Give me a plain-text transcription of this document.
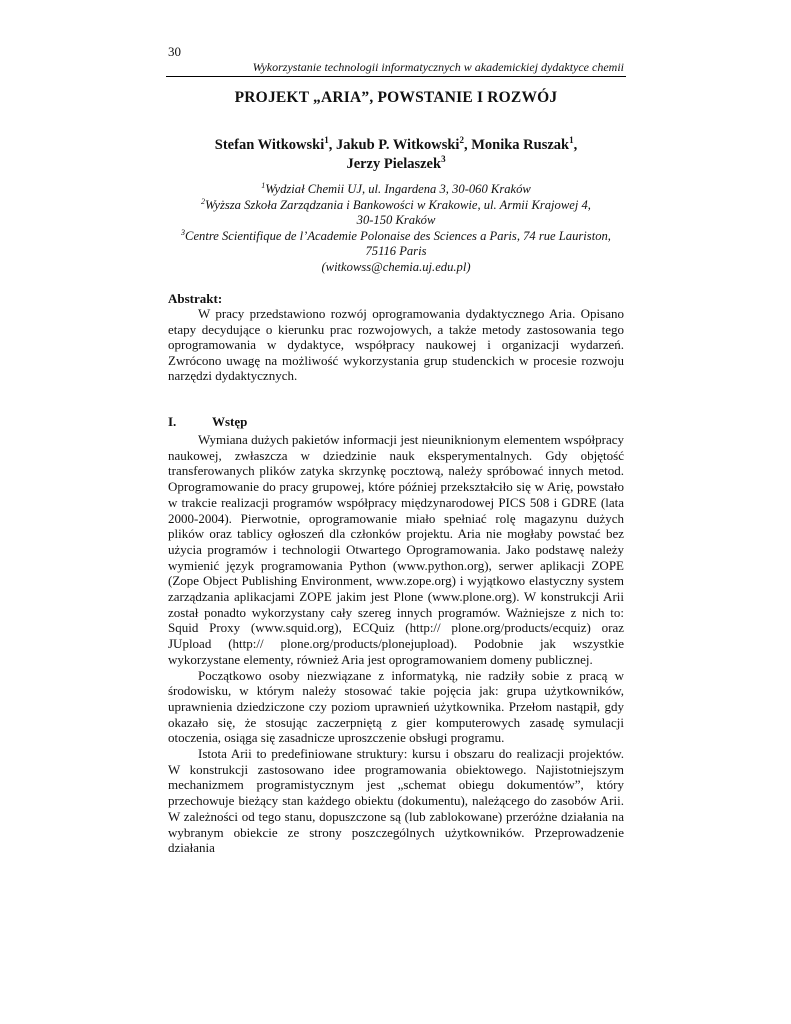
30
Wykorzystanie technologii informatycznych w akademickiej dydaktyce chemii
PROJEKT „ARIA”, POWSTANIE I ROZWÓJ
Stefan Witkowski$^1$, Jakub P. Witkowski$^2$, Monika Ruszak$^1$,
Jerzy Pielaszek$^3$
$^1$Wydział Chemii UJ, ul. Ingardena 3, 30-060 Kraków
$^2$Wyższa Szkoła Zarządzania i Bankowości w Krakowie, ul. Armii Krajowej 4,
30-150 Kraków
$^3$Centre Scientifique de l’Academie Polonaise des Sciences a Paris, 74 rue Lauriston,
75116 Paris
(witkowss@chemia.uj.edu.pl)
Abstrakt:
W pracy przedstawiono rozwój oprogramowania dydaktycznego Aria. Opisano etapy decydujące o kierunku prac rozwojowych, a także metody zastosowania tego oprogramowania w dydaktyce, współpracy naukowej i organizacji wydarzeń. Zwrócono uwagę na możliwość wykorzystania grup studenckich w procesie rozwoju narzędzi dydaktycznych.
I.	Wstęp

Wymiana dużych pakietów informacji jest nieuniknionym elementem współpracy naukowej, zwłaszcza w dziedzinie nauk eksperymentalnych. Gdy objętość transferowanych plików zatyka skrzynkę pocztową, należy spróbować innych metod. Oprogramowanie do pracy grupowej, które później przekształciło się w Arię, powstało w trakcie realizacji programów współpracy międzynarodowej PICS 508 i GDRE (lata 2000-2004). Pierwotnie, oprogramowanie miało spełniać rolę magazynu dużych plików oraz tablicy ogłoszeń dla członków projektu. Aria nie mogłaby powstać bez użycia programów i technologii Otwartego Oprogramowania. Jako podstawę należy wymienić język programowania Python (www.python.org), serwer aplikacji ZOPE (Zope Object Publishing Environment, www.zope.org) i wyjątkowo elastyczny system zarządzania aplikacjami ZOPE jakim jest Plone (www.plone.org). W konstrukcji Arii został ponadto wykorzystany cały szereg innych programów. Ważniejsze z nich to: Squid Proxy (www.squid.org), ECQuiz (http:// plone.org/products/ecquiz) oraz JUpload (http:// plone.org/products/plonejupload). Podobnie jak wszystkie wykorzystane elementy, również Aria jest oprogramowaniem domeny publicznej.

Początkowo osoby niezwiązane z informatyką, nie radziły sobie z pracą w środowisku, w którym należy stosować takie pojęcia jak: grupa użytkowników, uprawnienia dziedziczone czy poziom uprawnień użytkownika. Przełom nastąpił, gdy okazało się, że stosując zaczerpniętą z gier komputerowych zasadę symulacji otoczenia, osiąga się zasadnicze uproszczenie obsługi programu.

Istota Arii to predefiniowane struktury: kursu i obszaru do realizacji projektów. W konstrukcji zastosowano idee programowania obiektowego. Najistotniejszym mechanizmem programistycznym jest „schemat obiegu dokumentów”, który przechowuje bieżący stan każdego obiektu (dokumentu), należącego do zasobów Arii. W zależności od tego stanu, dopuszczone są (lub zablokowane) przeróżne działania na wybranym obiekcie ze strony poszczególnych użytkowników. Przeprowadzenie działania
